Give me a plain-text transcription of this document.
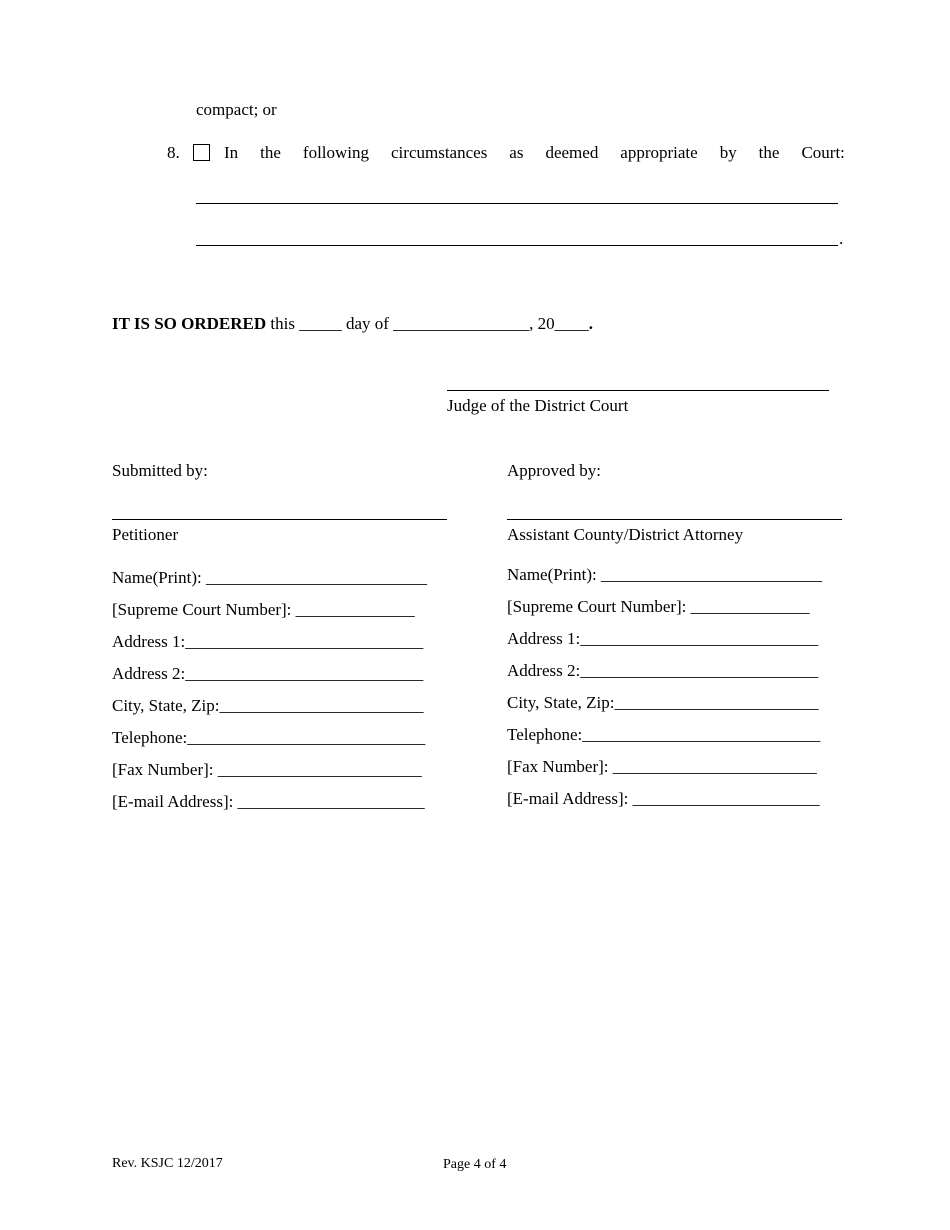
compact; or
8.	In the following circumstances as deemed appropriate by the Court:
.
IT IS SO ORDERED this _____ day of ________________, 20____.
Judge of the District Court
Submitted by:
Petitioner
Name(Print): __________________________
[Supreme Court Number]: ______________
Address 1:____________________________
Address 2:____________________________
City, State, Zip:________________________
Telephone:____________________________
[Fax Number]: ________________________
[E-mail Address]: ______________________
Approved by:
Assistant County/District Attorney
Name(Print): __________________________
[Supreme Court Number]: ______________
Address 1:____________________________
Address 2:____________________________
City, State, Zip:________________________
Telephone:____________________________
[Fax Number]: ________________________
[E-mail Address]: ______________________
Rev. KSJC 12/2017	Page 4 of 4
